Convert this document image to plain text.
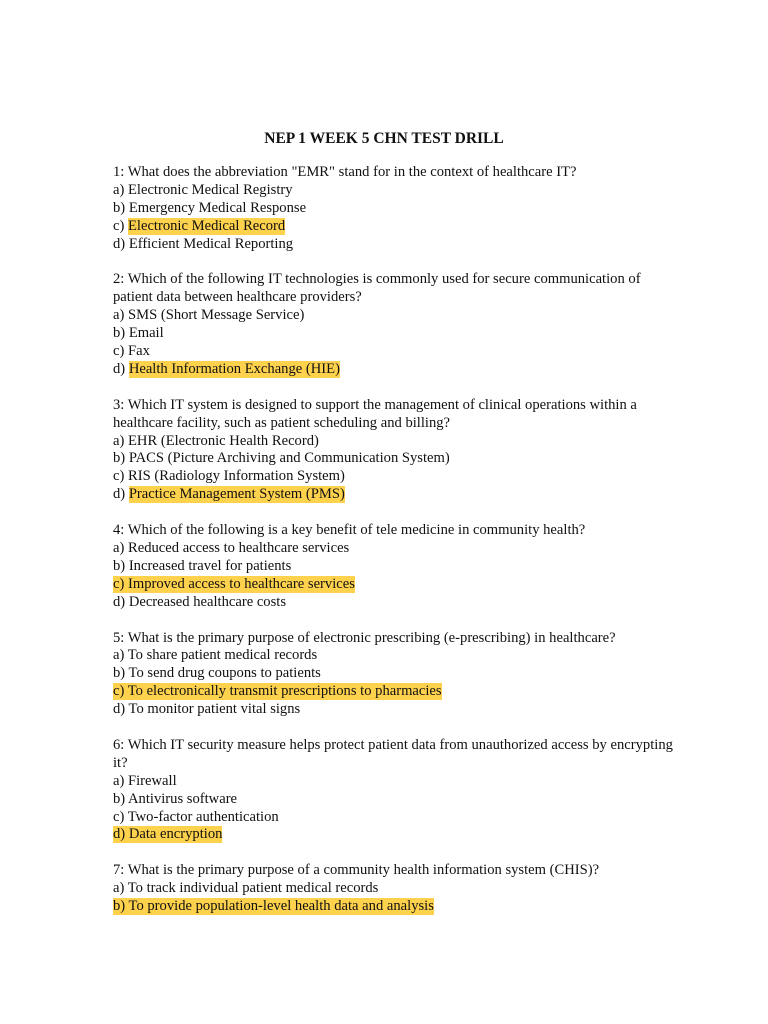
NEP 1 WEEK 5 CHN TEST DRILL

1: What does the abbreviation "EMR" stand for in the context of healthcare IT?

a) Electronic Medical Registry

b) Emergency Medical Response

c) Electronic Medical Record

d) Efficient Medical Reporting

2: Which of the following IT technologies is commonly used for secure communication of patient data between healthcare providers?

a) SMS (Short Message Service)

b) Email

c) Fax

d) Health Information Exchange (HIE)

3: Which IT system is designed to support the management of clinical operations within a healthcare facility, such as patient scheduling and billing?

a) EHR (Electronic Health Record)

b) PACS (Picture Archiving and Communication System)

c) RIS (Radiology Information System)

d) Practice Management System (PMS)

4: Which of the following is a key benefit of tele medicine in community health?

a) Reduced access to healthcare services

b) Increased travel for patients

c) Improved access to healthcare services

d) Decreased healthcare costs

5: What is the primary purpose of electronic prescribing (e-prescribing) in healthcare?

a) To share patient medical records

b) To send drug coupons to patients

c) To electronically transmit prescriptions to pharmacies

d) To monitor patient vital signs

6: Which IT security measure helps protect patient data from unauthorized access by encrypting it?

a) Firewall

b) Antivirus software

c) Two-factor authentication

d) Data encryption

7: What is the primary purpose of a community health information system (CHIS)?

a) To track individual patient medical records

b) To provide population-level health data and analysis
